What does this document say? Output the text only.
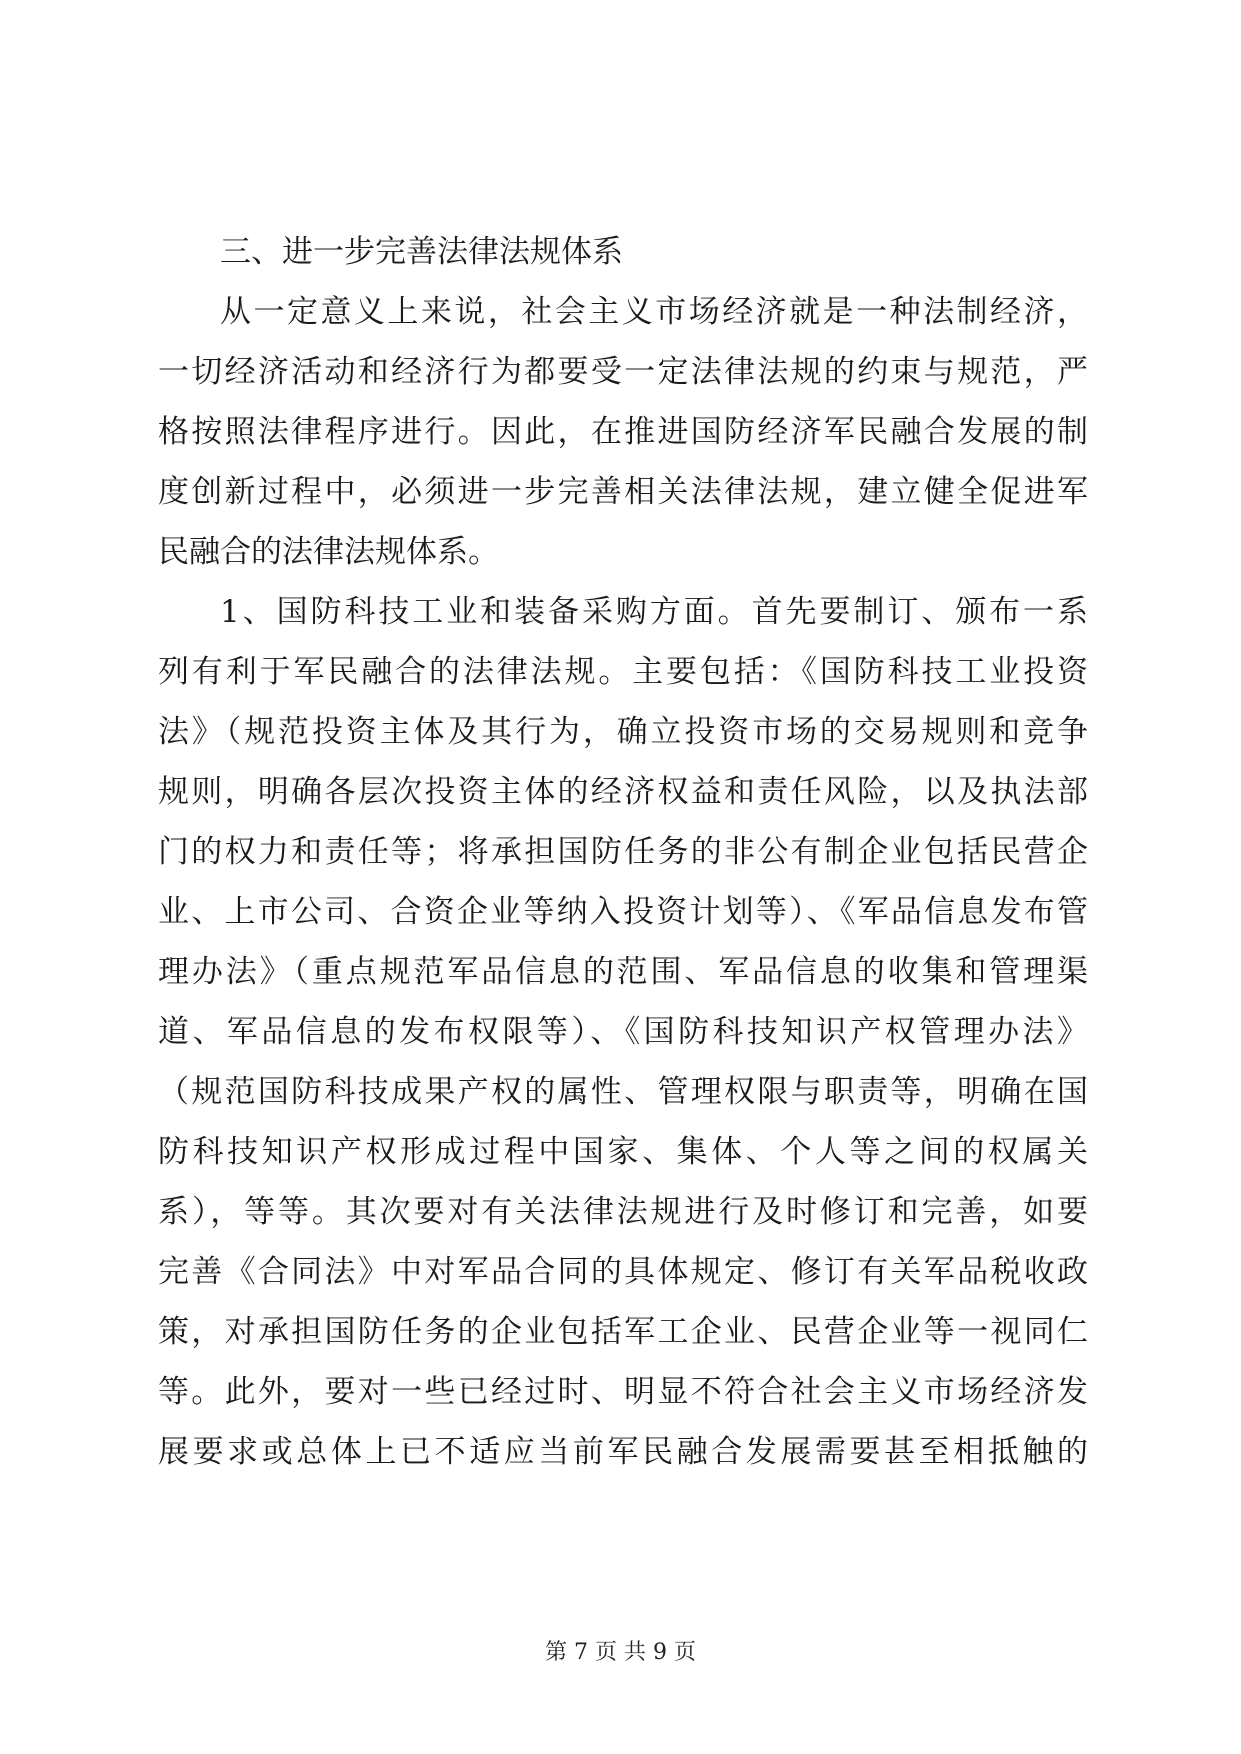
三、进一步完善法律法规体系
从一定意义上来说，社会主义市场经济就是一种法制经济，
一切经济活动和经济行为都要受一定法律法规的约束与规范，严
格按照法律程序进行。因此，在推进国防经济军民融合发展的制
度创新过程中，必须进一步完善相关法律法规，建立健全促进军
民融合的法律法规体系。
1、国防科技工业和装备采购方面。首先要制订、颁布一系
列有利于军民融合的法律法规。主要包括：《国防科技工业投资
法》（规范投资主体及其行为，确立投资市场的交易规则和竞争
规则，明确各层次投资主体的经济权益和责任风险，以及执法部
门的权力和责任等；将承担国防任务的非公有制企业包括民营企
业、上市公司、合资企业等纳入投资计划等）、《军品信息发布管
理办法》（重点规范军品信息的范围、军品信息的收集和管理渠
道、军品信息的发布权限等）、《国防科技知识产权管理办法》
（规范国防科技成果产权的属性、管理权限与职责等，明确在国
防科技知识产权形成过程中国家、集体、个人等之间的权属关
系），等等。其次要对有关法律法规进行及时修订和完善，如要
完善《合同法》中对军品合同的具体规定、修订有关军品税收政
策，对承担国防任务的企业包括军工企业、民营企业等一视同仁
等。此外，要对一些已经过时、明显不符合社会主义市场经济发
展要求或总体上已不适应当前军民融合发展需要甚至相抵触的
第 7 页 共 9 页
